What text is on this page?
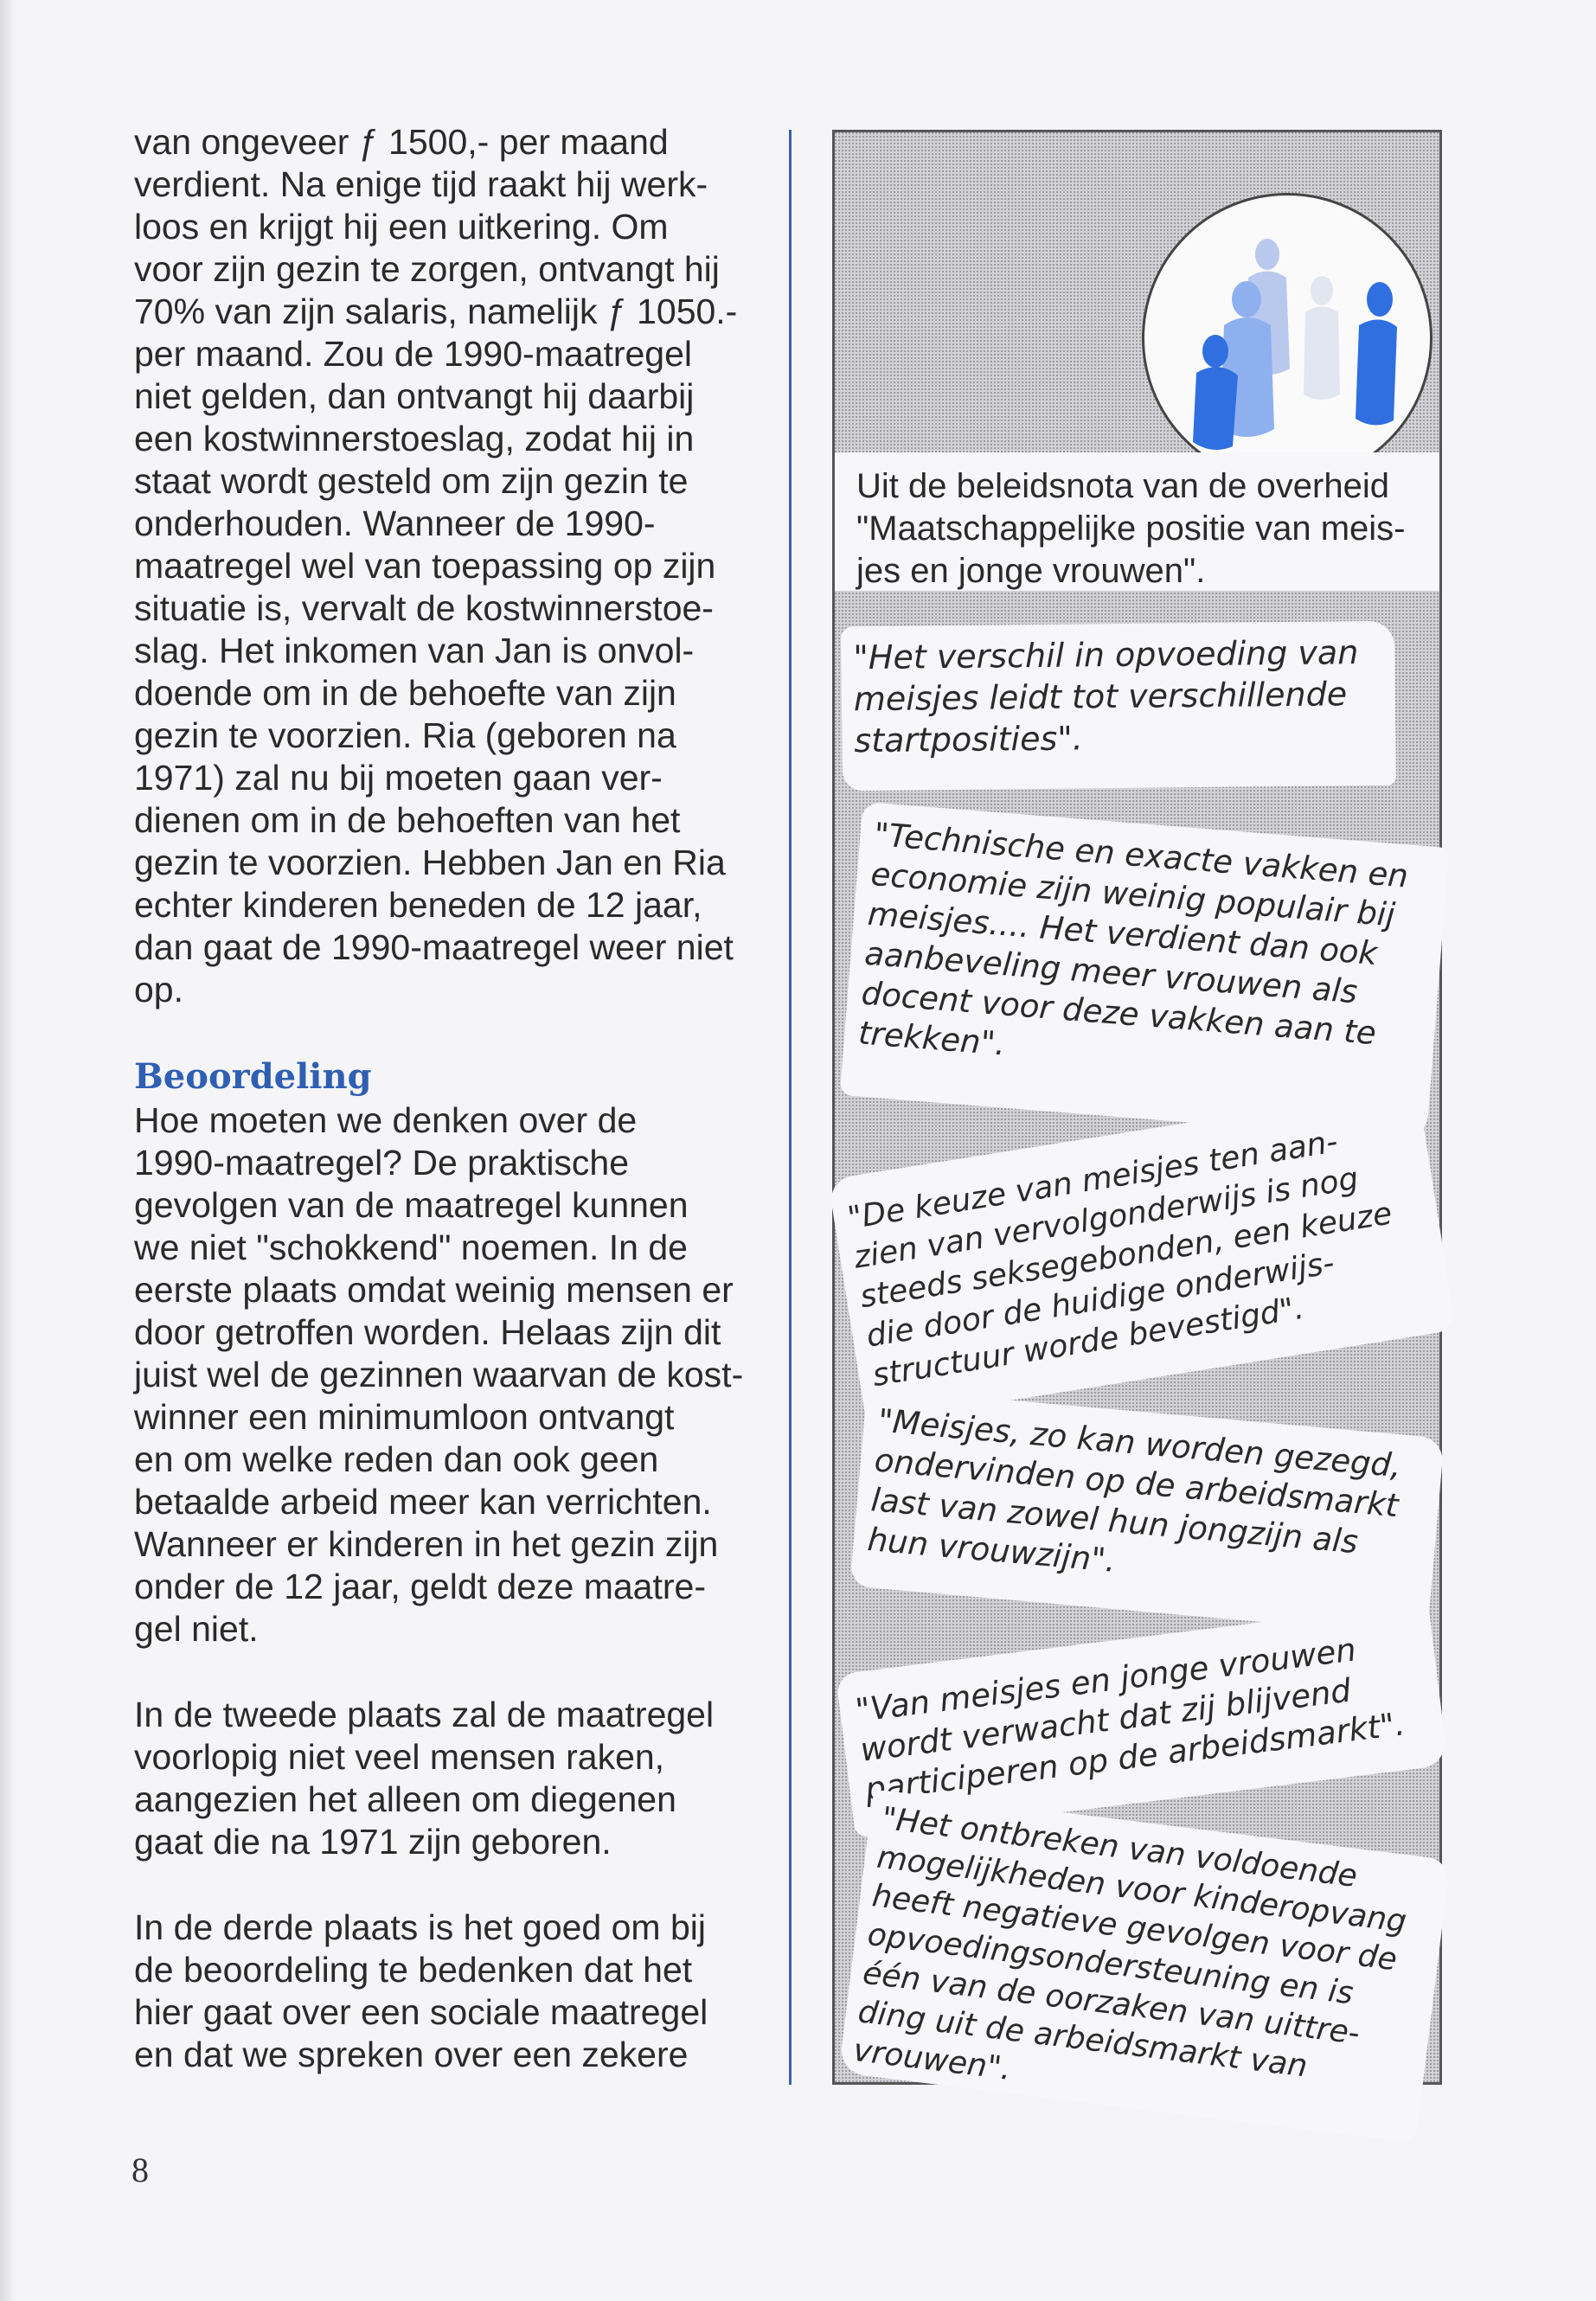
van ongeveer ƒ 1500,- per maand
verdient. Na enige tijd raakt hij werk-
loos en krijgt hij een uitkering. Om
voor zijn gezin te zorgen, ontvangt hij
70% van zijn salaris, namelijk ƒ 1050.-
per maand. Zou de 1990-maatregel
niet gelden, dan ontvangt hij daarbij
een kostwinnerstoeslag, zodat hij in
staat wordt gesteld om zijn gezin te
onderhouden. Wanneer de 1990-
maatregel wel van toepassing op zijn
situatie is, vervalt de kostwinnerstoe-
slag. Het inkomen van Jan is onvol-
doende om in de behoefte van zijn
gezin te voorzien. Ria (geboren na
1971) zal nu bij moeten gaan ver-
dienen om in de behoeften van het
gezin te voorzien. Hebben Jan en Ria
echter kinderen beneden de 12 jaar,
dan gaat de 1990-maatregel weer niet
op.

Beoordeling

Hoe moeten we denken over de
1990-maatregel? De praktische
gevolgen van de maatregel kunnen
we niet "schokkend" noemen. In de
eerste plaats omdat weinig mensen er
door getroffen worden. Helaas zijn dit
juist wel de gezinnen waarvan de kost-
winner een minimumloon ontvangt
en om welke reden dan ook geen
betaalde arbeid meer kan verrichten.
Wanneer er kinderen in het gezin zijn
onder de 12 jaar, geldt deze maatre-
gel niet.

In de tweede plaats zal de maatregel
voorlopig niet veel mensen raken,
aangezien het alleen om diegenen
gaat die na 1971 zijn geboren.

In de derde plaats is het goed om bij
de beoordeling te bedenken dat het
hier gaat over een sociale maatregel
en dat we spreken over een zekere

Uit de beleidsnota van de overheid
"Maatschappelijke positie van meis-
jes en jonge vrouwen".
"Het verschil in opvoeding van
meisjes leidt tot verschillende
startposities".
"Technische en exacte vakken en
economie zijn weinig populair bij
meisjes.... Het verdient dan ook
aanbeveling meer vrouwen als
docent voor deze vakken aan te
trekken".
"De keuze van meisjes ten aan-
zien van vervolgonderwijs is nog
steeds seksegebonden, een keuze
die door de huidige onderwijs-
structuur worde bevestigd".
"Meisjes, zo kan worden gezegd,
ondervinden op de arbeidsmarkt
last van zowel hun jongzijn als
hun vrouwzijn".
"Van meisjes en jonge vrouwen
wordt verwacht dat zij blijvend
participeren op de arbeidsmarkt".
"Het ontbreken van voldoende
mogelijkheden voor kinderopvang
heeft negatieve gevolgen voor de
opvoedingsondersteuning en is
één van de oorzaken van uittre-
ding uit de arbeidsmarkt van
vrouwen".
8
